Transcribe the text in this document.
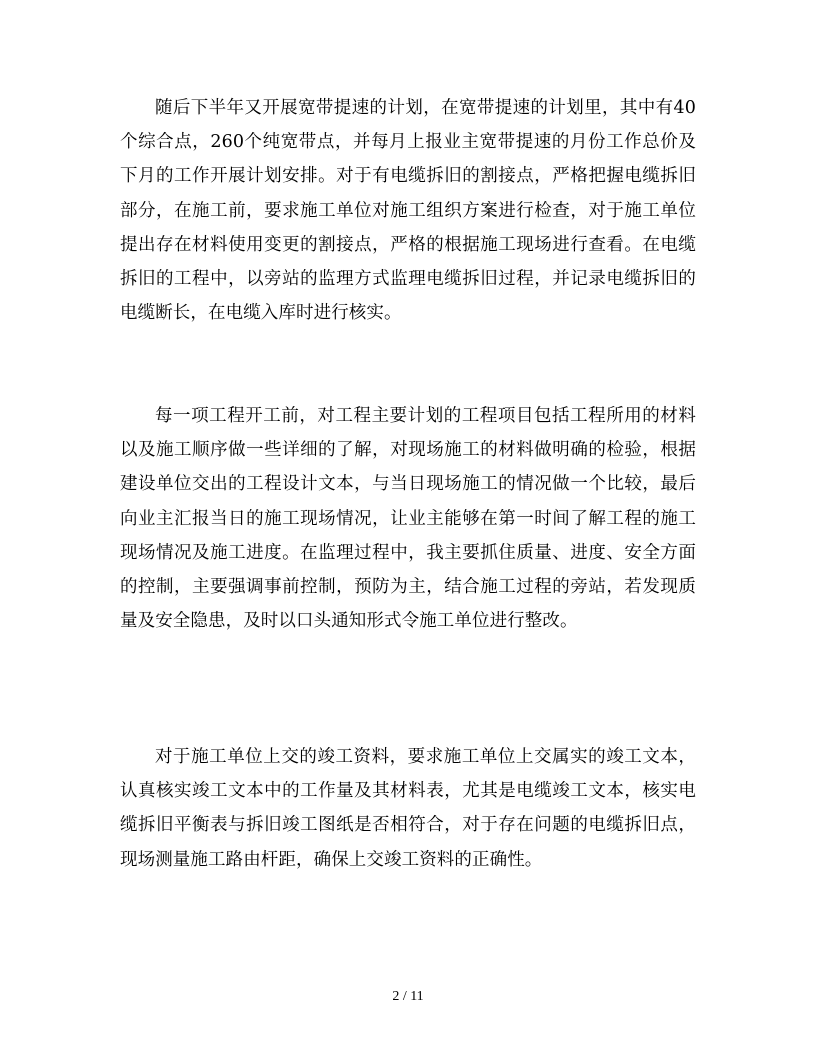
随后下半年又开展宽带提速的计划，在宽带提速的计划里，其中有40个综合点，260个纯宽带点，并每月上报业主宽带提速的月份工作总价及下月的工作开展计划安排。对于有电缆拆旧的割接点，严格把握电缆拆旧部分，在施工前，要求施工单位对施工组织方案进行检查，对于施工单位提出存在材料使用变更的割接点，严格的根据施工现场进行查看。在电缆拆旧的工程中，以旁站的监理方式监理电缆拆旧过程，并记录电缆拆旧的电缆断长，在电缆入库时进行核实。

每一项工程开工前，对工程主要计划的工程项目包括工程所用的材料以及施工顺序做一些详细的了解，对现场施工的材料做明确的检验，根据建设单位交出的工程设计文本，与当日现场施工的情况做一个比较，最后向业主汇报当日的施工现场情况，让业主能够在第一时间了解工程的施工现场情况及施工进度。在监理过程中，我主要抓住质量、进度、安全方面的控制，主要强调事前控制，预防为主，结合施工过程的旁站，若发现质量及安全隐患，及时以口头通知形式令施工单位进行整改。

对于施工单位上交的竣工资料，要求施工单位上交属实的竣工文本，认真核实竣工文本中的工作量及其材料表，尤其是电缆竣工文本，核实电缆拆旧平衡表与拆旧竣工图纸是否相符合，对于存在问题的电缆拆旧点，现场测量施工路由杆距，确保上交竣工资料的正确性。

2 / 11
